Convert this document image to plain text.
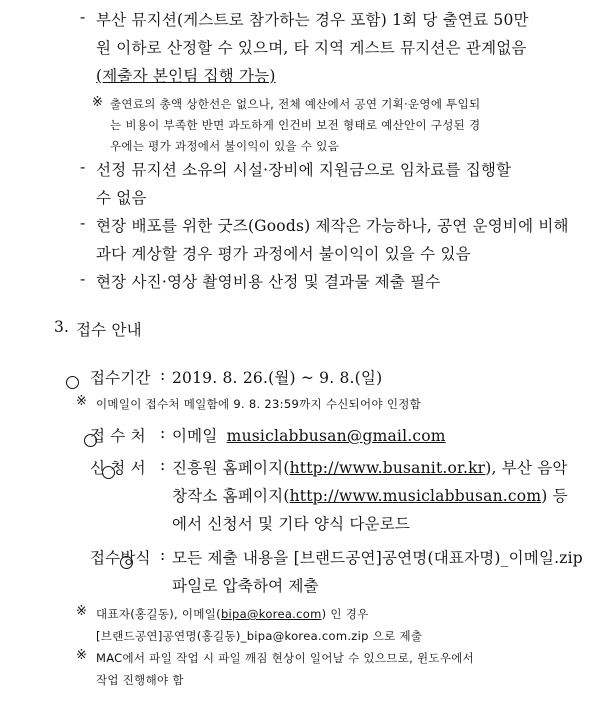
- 부산 뮤지션(게스트로 참가하는 경우 포함) 1회 당 출연료 50만
원 이하로 산정할 수 있으며, 타 지역 게스트 뮤지션은 관계없음
(제출자 본인팀 집행 가능)
※ 출연료의 총액 상한선은 없으나, 전체 예산에서 공연 기획·운영에 투입되
는 비용이 부족한 반면 과도하게 인건비 보전 형태로 예산안이 구성된 경
우에는 평가 과정에서 불이익이 있을 수 있음
- 선정 뮤지션 소유의 시설·장비에 지원금으로 임차료를 집행할
수 없음
- 현장 배포를 위한 굿즈(Goods) 제작은 가능하나, 공연 운영비에 비해
과다 계상할 경우 평가 과정에서 불이익이 있을 수 있음
- 현장 사진·영상 촬영비용 산정 및 결과물 제출 필수
3. 접수 안내

접수기간 : 2019. 8. 26.(월) ~ 9. 8.(일)
※ 이메일이 접수처 메일함에 9. 8. 23:59까지 수신되어야 인정함

접 수 처 : 이메일 musiclabbusan@gmail.com

신 청 서 : 진흥원 홈페이지(http://www.busanit.or.kr), 부산 음악
창작소 홈페이지(http://www.musiclabbusan.com) 등
에서 신청서 및 기타 양식 다운로드
접수방식 : 모든 제출 내용을 [브랜드공연]공연명(대표자명)_이메일.zip
파일로 압축하여 제출
※ 대표자(홍길동), 이메일(bipa@korea.com) 인 경우
[브랜드공연]공연명(홍길동)_bipa@korea.com.zip 으로 제출
※ MAC에서 파일 작업 시 파일 깨짐 현상이 일어날 수 있으므로, 윈도우에서
작업 진행해야 함
